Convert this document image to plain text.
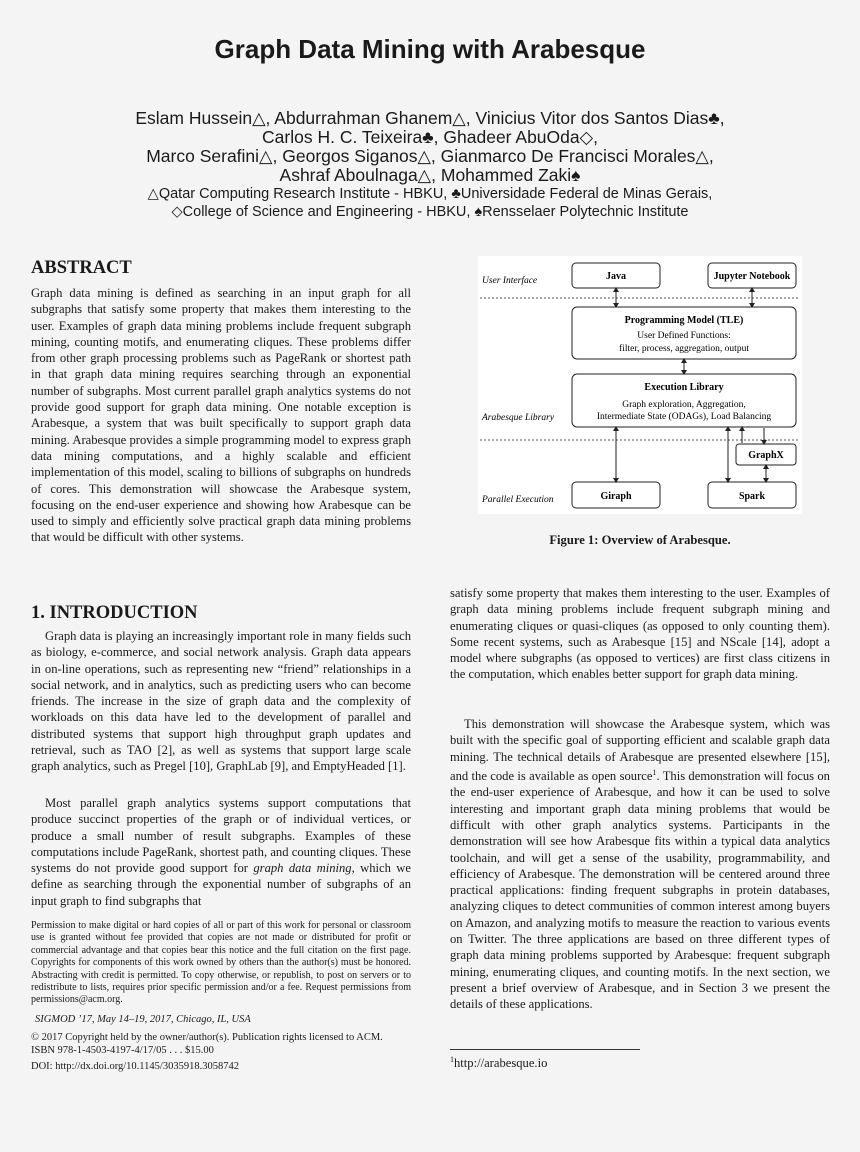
Graph Data Mining with Arabesque
Eslam Hussein△, Abdurrahman Ghanem△, Vinicius Vitor dos Santos Dias♣,
Carlos H. C. Teixeira♣, Ghadeer AbuOda◇,
Marco Serafini△, Georgos Siganos△, Gianmarco De Francisci Morales△,
Ashraf Aboulnaga△, Mohammed Zaki♠
△Qatar Computing Research Institute - HBKU, ♣Universidade Federal de Minas Gerais,
◇College of Science and Engineering - HBKU, ♠Rensselaer Polytechnic Institute
ABSTRACT

Graph data mining is defined as searching in an input graph for all subgraphs that satisfy some property that makes them interesting to the user. Examples of graph data mining problems include frequent subgraph mining, counting motifs, and enumerating cliques. These problems differ from other graph processing problems such as PageRank or shortest path in that graph data mining requires searching through an exponential number of subgraphs. Most current parallel graph analytics systems do not provide good support for graph data mining. One notable exception is Arabesque, a system that was built specifically to support graph data mining. Arabesque provides a simple programming model to express graph data mining computations, and a highly scalable and efficient implementation of this model, scaling to billions of subgraphs on hundreds of cores. This demonstration will showcase the Arabesque system, focusing on the end-user experience and showing how Arabesque can be used to simply and efficiently solve practical graph data mining problems that would be difficult with other systems.

1. INTRODUCTION

Graph data is playing an increasingly important role in many fields such as biology, e-commerce, and social network analysis. Graph data appears in on-line operations, such as representing new “friend” relationships in a social network, and in analytics, such as predicting users who can become friends. The increase in the size of graph data and the complexity of workloads on this data have led to the development of parallel and distributed systems that support high throughput graph updates and retrieval, such as TAO [2], as well as systems that support large scale graph analytics, such as Pregel [10], GraphLab [9], and EmptyHeaded [1].

Most parallel graph analytics systems support computations that produce succinct properties of the graph or of individual vertices, or produce a small number of result subgraphs. Examples of these computations include PageRank, shortest path, and counting cliques. These systems do not provide good support for graph data mining, which we define as searching through the exponential number of subgraphs of an input graph to find subgraphs that

Permission to make digital or hard copies of all or part of this work for personal or classroom use is granted without fee provided that copies are not made or distributed for profit or commercial advantage and that copies bear this notice and the full citation on the first page. Copyrights for components of this work owned by others than the author(s) must be honored. Abstracting with credit is permitted. To copy otherwise, or republish, to post on servers or to redistribute to lists, requires prior specific permission and/or a fee. Request permissions from permissions@acm.org.

SIGMOD ’17, May 14–19, 2017, Chicago, IL, USA

© 2017 Copyright held by the owner/author(s). Publication rights licensed to ACM.

ISBN 978-1-4503-4197-4/17/05 . . . $15.00

DOI: http://dx.doi.org/10.1145/3035918.3058742

User Interface
Arabesque Library
Parallel Execution
Java	Jupyter Notebook
Programming Model (TLE)
User Defined Functions:
filter, process, aggregation, output
Execution Library
Graph exploration, Aggregation,
Intermediate State (ODAGs), Load Balancing
GraphX
Giraph	Spark
Figure 1: Overview of Arabesque.

satisfy some property that makes them interesting to the user. Examples of graph data mining problems include frequent subgraph mining and enumerating cliques or quasi-cliques (as opposed to only counting them). Some recent systems, such as Arabesque [15] and NScale [14], adopt a model where subgraphs (as opposed to vertices) are first class citizens in the computation, which enables better support for graph data mining.

This demonstration will showcase the Arabesque system, which was built with the specific goal of supporting efficient and scalable graph data mining. The technical details of Arabesque are presented elsewhere [15], and the code is available as open source$^1$. This demonstration will focus on the end-user experience of Arabesque, and how it can be used to solve interesting and important graph data mining problems that would be difficult with other graph analytics systems. Participants in the demonstration will see how Arabesque fits within a typical data analytics toolchain, and will get a sense of the usability, programmability, and efficiency of Arabesque. The demonstration will be centered around three practical applications: finding frequent subgraphs in protein databases, analyzing cliques to detect communities of common interest among buyers on Amazon, and analyzing motifs to measure the reaction to various events on Twitter. The three applications are based on three different types of graph data mining problems supported by Arabesque: frequent subgraph mining, enumerating cliques, and counting motifs. In the next section, we present a brief overview of Arabesque, and in Section 3 we present the details of these applications.

$^1$http://arabesque.io
